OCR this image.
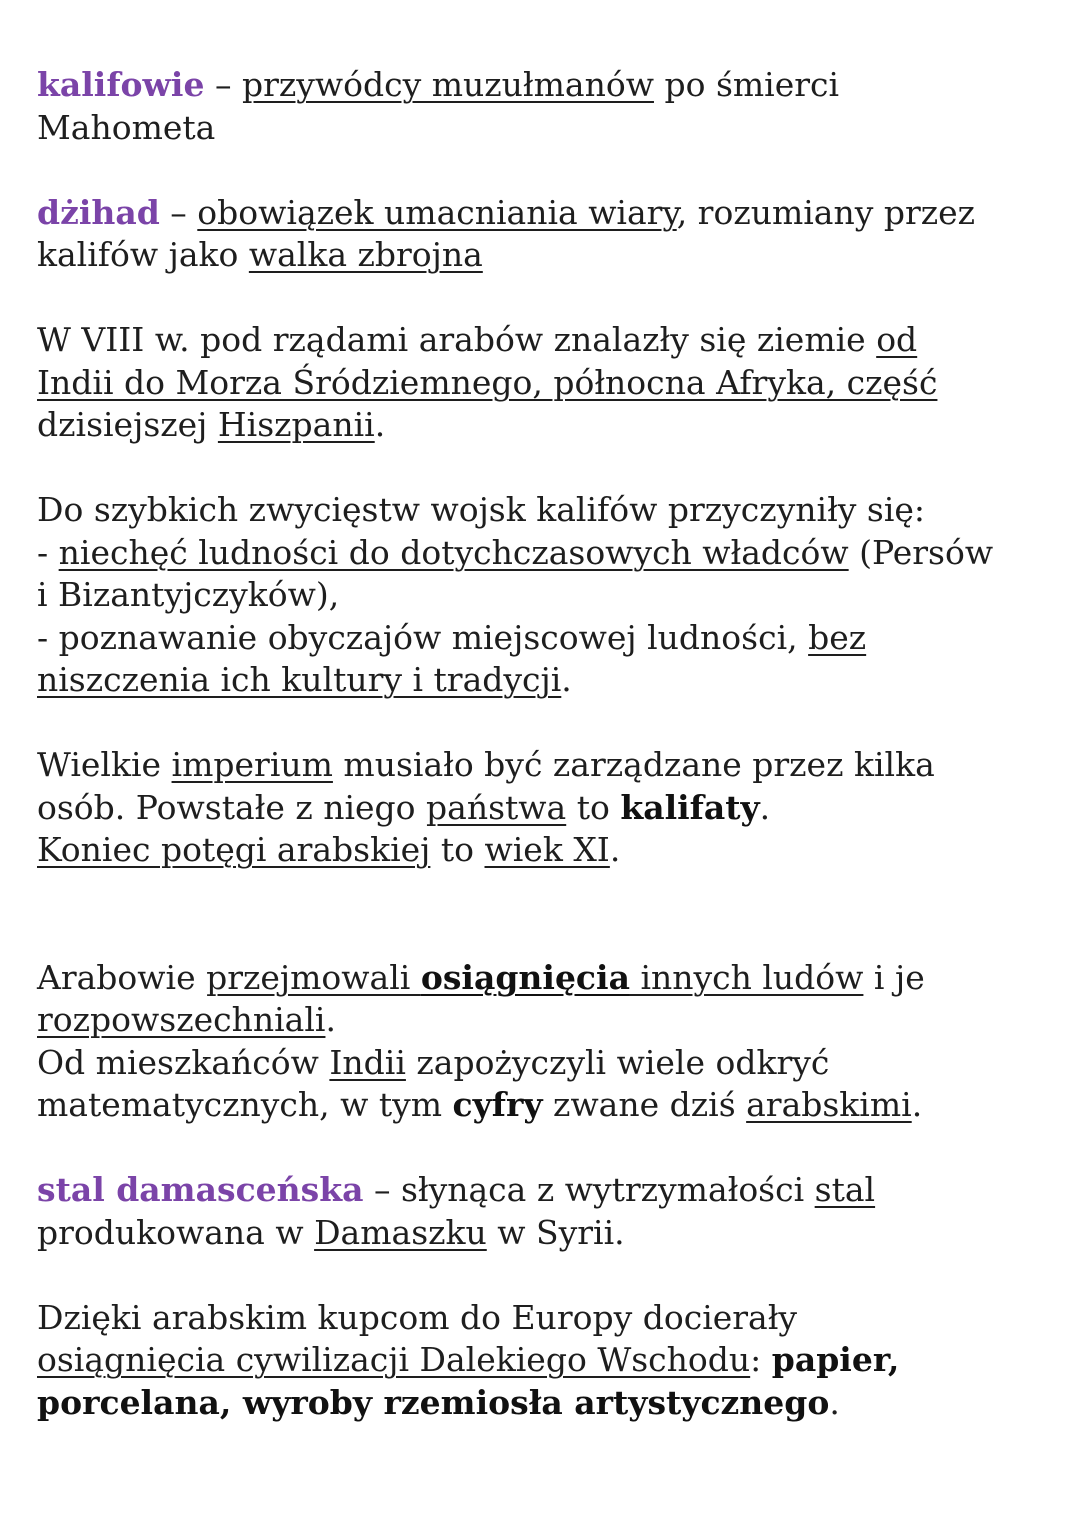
kalifowie – przywódcy muzułmanów po śmierci
Mahometa
dżihad – obowiązek umacniania wiary, rozumiany przez
kalifów jako walka zbrojna
W VIII w. pod rządami arabów znalazły się ziemie od
Indii do Morza Śródziemnego, północna Afryka, część
dzisiejszej Hiszpanii.
Do szybkich zwycięstw wojsk kalifów przyczyniły się:
- niechęć ludności do dotychczasowych władców (Persów
i Bizantyjczyków),
- poznawanie obyczajów miejscowej ludności, bez
niszczenia ich kultury i tradycji.
Wielkie imperium musiało być zarządzane przez kilka
osób. Powstałe z niego państwa to kalifaty.
Koniec potęgi arabskiej to wiek XI.
Arabowie przejmowali osiągnięcia innych ludów i je
rozpowszechniali.
Od mieszkańców Indii zapożyczyli wiele odkryć
matematycznych, w tym cyfry zwane dziś arabskimi.
stal damasceńska – słynąca z wytrzymałości stal
produkowana w Damaszku w Syrii.
Dzięki arabskim kupcom do Europy docierały
osiągnięcia cywilizacji Dalekiego Wschodu: papier,
porcelana, wyroby rzemiosła artystycznego.
